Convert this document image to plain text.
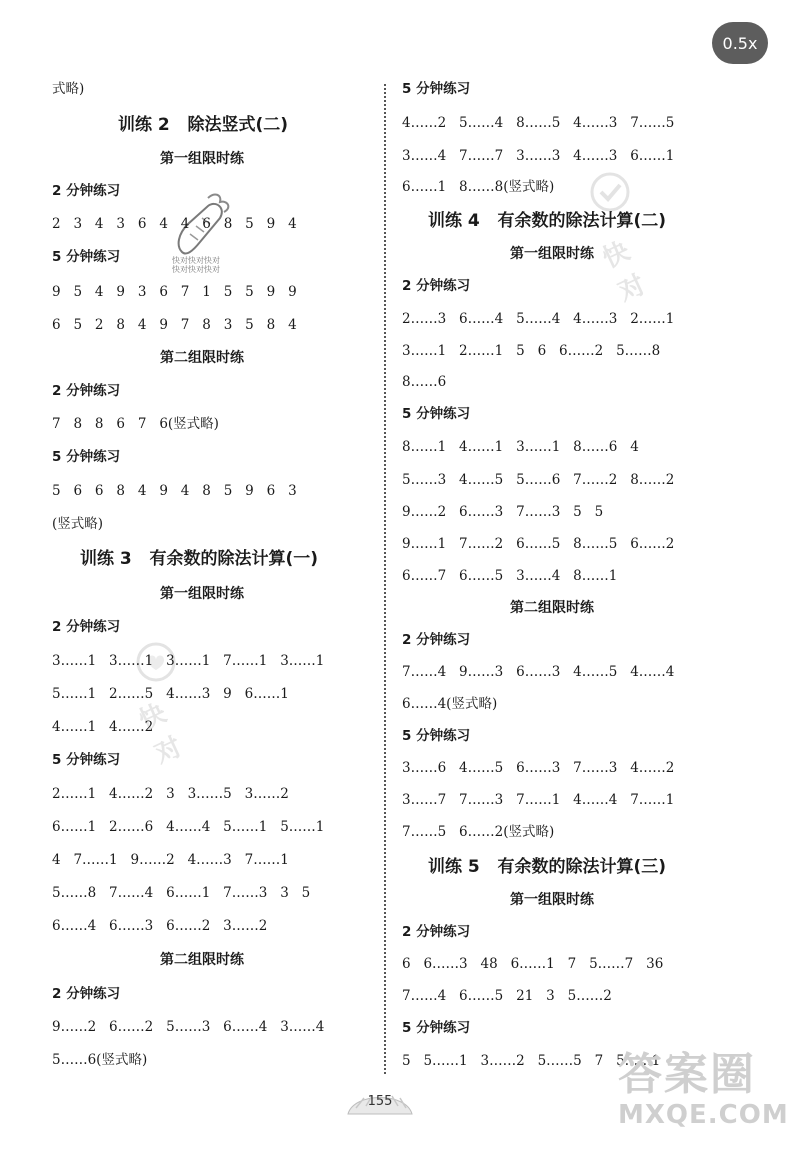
0.5x
快对快对快对
快对快对快对
快对
快对
式略)
训练 2   除法竖式(二)
第一组限时练
2 分钟练习
2   3   4   3   6   4   4   6   8   5   9   4
5 分钟练习
9   5   4   9   3   6   7   1   5   5   9   9
6   5   2   8   4   9   7   8   3   5   8   4
第二组限时练
2 分钟练习
7   8   8   6   7   6(竖式略)
5 分钟练习
5   6   6   8   4   9   4   8   5   9   6   3
(竖式略)
训练 3   有余数的除法计算(一)
第一组限时练
2 分钟练习
3……1   3……1   3……1   7……1   3……1
5……1   2……5   4……3   9   6……1
4……1   4……2
5 分钟练习
2……1   4……2   3   3……5   3……2
6……1   2……6   4……4   5……1   5……1
4   7……1   9……2   4……3   7……1
5……8   7……4   6……1   7……3   3   5
6……4   6……3   6……2   3……2
第二组限时练
2 分钟练习
9……2   6……2   5……3   6……4   3……4
5……6(竖式略)
5 分钟练习
4……2   5……4   8……5   4……3   7……5
3……4   7……7   3……3   4……3   6……1
6……1   8……8(竖式略)
训练 4   有余数的除法计算(二)
第一组限时练
2 分钟练习
2……3   6……4   5……4   4……3   2……1
3……1   2……1   5   6   6……2   5……8
8……6
5 分钟练习
8……1   4……1   3……1   8……6   4
5……3   4……5   5……6   7……2   8……2
9……2   6……3   7……3   5   5
9……1   7……2   6……5   8……5   6……2
6……7   6……5   3……4   8……1
第二组限时练
2 分钟练习
7……4   9……3   6……3   4……5   4……4
6……4(竖式略)
5 分钟练习
3……6   4……5   6……3   7……3   4……2
3……7   7……3   7……1   4……4   7……1
7……5   6……2(竖式略)
训练 5   有余数的除法计算(三)
第一组限时练
2 分钟练习
6   6……3   48   6……1   7   5……7   36
7……4   6……5   21   3   5……2
5 分钟练习
5   5……1   3……2   5……5   7   5……1
155
答案圈
MXQE.COM
